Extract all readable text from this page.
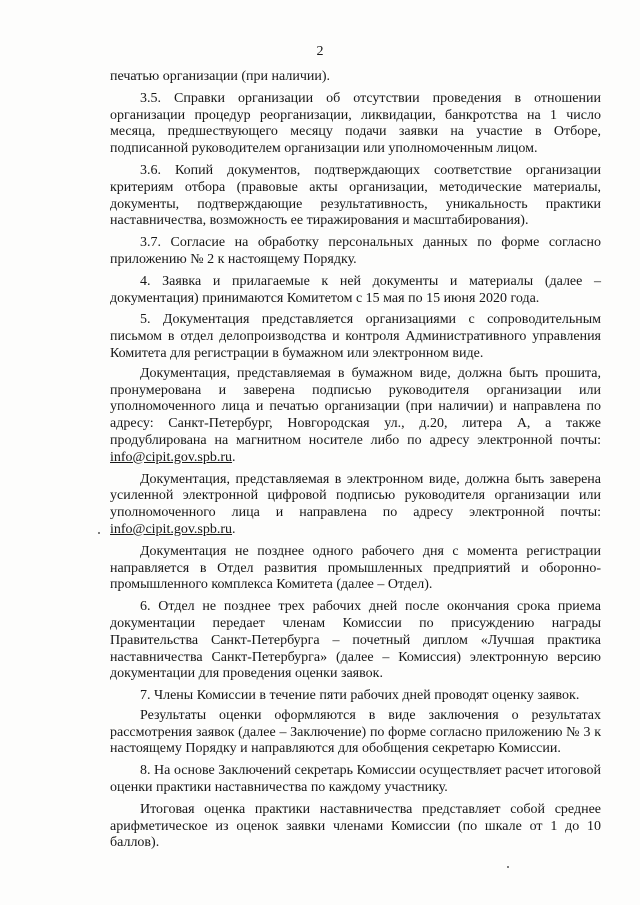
2

печатью организации (при наличии).

3.5. Справки организации об отсутствии проведения в отношении организации процедур реорганизации, ликвидации, банкротства на 1 число месяца, предшествующего месяцу подачи заявки на участие в Отборе, подписанной руководителем организации или уполномоченным лицом.

3.6. Копий документов, подтверждающих соответствие организации критериям отбора (правовые акты организации, методические материалы, документы, подтверждающие результативность, уникальность практики наставничества, возможность ее тиражирования и масштабирования).

3.7. Согласие на обработку персональных данных по форме согласно приложению № 2 к настоящему Порядку.

4. Заявка и прилагаемые к ней документы и материалы (далее – документация) принимаются Комитетом с 15 мая по 15 июня 2020 года.

5. Документация представляется организациями с сопроводительным письмом в отдел делопроизводства и контроля Административного управления Комитета для регистрации в бумажном или электронном виде.

Документация, представляемая в бумажном виде, должна быть прошита, пронумерована и заверена подписью руководителя организации или уполномоченного лица и печатью организации (при наличии) и направлена по адресу: Санкт-Петербург, Новгородская ул., д.20, литера А, а также продублирована на магнитном носителе либо по адресу электронной почты: info@cipit.gov.spb.ru.

Документация, представляемая в электронном виде, должна быть заверена усиленной электронной цифровой подписью руководителя организации или уполномоченного лица и направлена по адресу электронной почты: info@cipit.gov.spb.ru.

Документация не позднее одного рабочего дня с момента регистрации направляется в Отдел развития промышленных предприятий и оборонно-промышленного комплекса Комитета (далее – Отдел).

6. Отдел не позднее трех рабочих дней после окончания срока приема документации передает членам Комиссии по присуждению награды Правительства Санкт-Петербурга – почетный диплом «Лучшая практика наставничества Санкт-Петербурга» (далее – Комиссия) электронную версию документации для проведения оценки заявок.

7. Члены Комиссии в течение пяти рабочих дней проводят оценку заявок.

Результаты оценки оформляются в виде заключения о результатах рассмотрения заявок (далее – Заключение) по форме согласно приложению № 3 к настоящему Порядку и направляются для обобщения секретарю Комиссии.

8. На основе Заключений секретарь Комиссии осуществляет расчет итоговой оценки практики наставничества по каждому участнику.

Итоговая оценка практики наставничества представляет собой среднее арифметическое из оценок заявки членами Комиссии (по шкале от 1 до 10 баллов).
